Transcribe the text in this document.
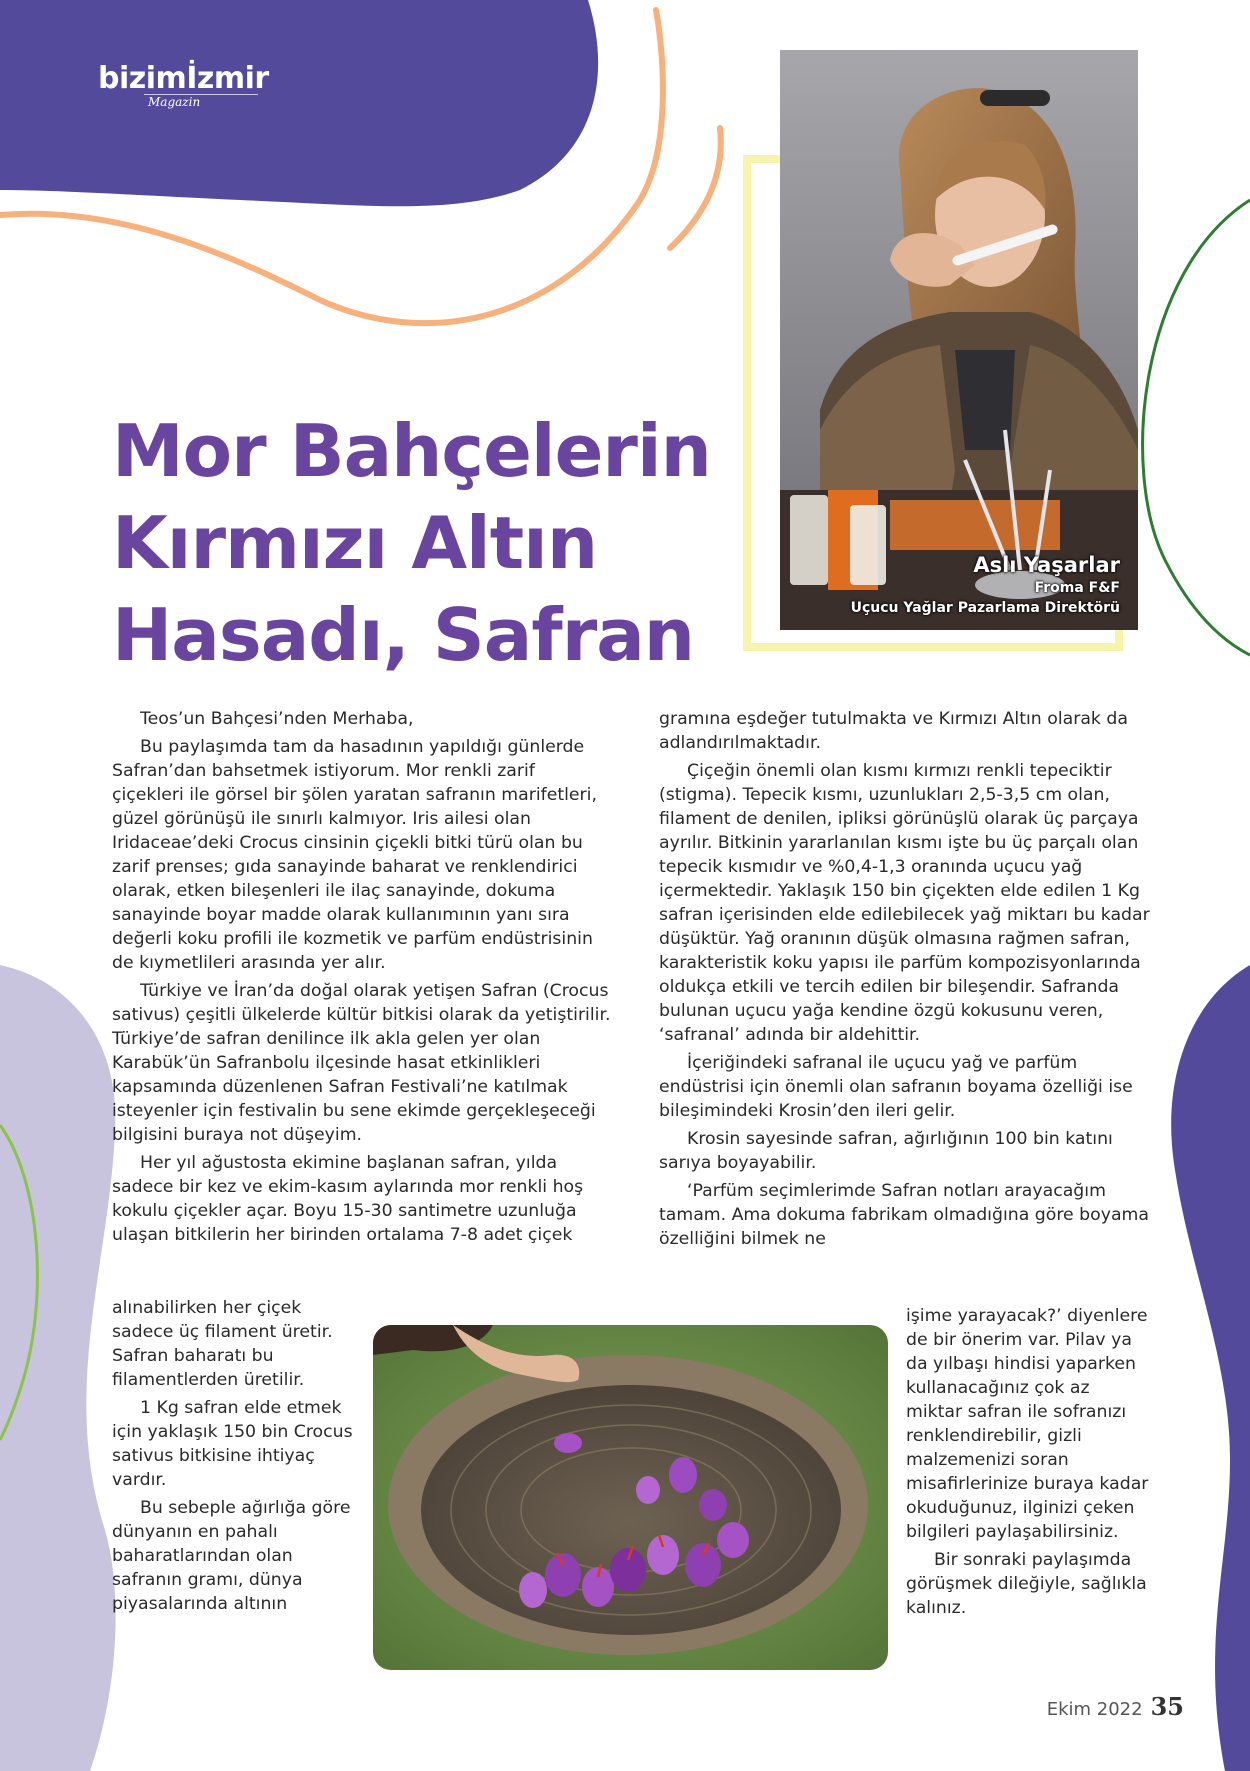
bizimİzmir
Magazin
Mor Bahçelerin
Kırmızı Altın
Hasadı, Safran
Aslı Yaşarlar
Froma F&F
Uçucu Yağlar Pazarlama Direktörü

Teos’un Bahçesi’nden Merhaba,

Bu paylaşımda tam da hasadının yapıldığı günlerde Safran’dan bahsetmek istiyorum. Mor renkli zarif çiçekleri ile görsel bir şölen yaratan safranın marifetleri, güzel görünüşü ile sınırlı kalmıyor. Iris ailesi olan Iridaceae’deki Crocus cinsinin çiçekli bitki türü olan bu zarif prenses; gıda sanayinde baharat ve renklendirici olarak, etken bileşenleri ile ilaç sanayinde, dokuma sanayinde boyar madde olarak kullanımının yanı sıra değerli koku profili ile kozmetik ve parfüm endüstrisinin de kıymetlileri arasında yer alır.

Türkiye ve İran’da doğal olarak yetişen Safran (Crocus sativus) çeşitli ülkelerde kültür bitkisi olarak da yetiştirilir. Türkiye’de safran denilince ilk akla gelen yer olan Karabük’ün Safranbolu ilçesinde hasat etkinlikleri kapsamında düzenlenen Safran Festivali’ne katılmak isteyenler için festivalin bu sene ekimde gerçekleşeceği bilgisini buraya not düşeyim.

Her yıl ağustosta ekimine başlanan safran, yılda sadece bir kez ve ekim-kasım aylarında mor renkli hoş kokulu çiçekler açar. Boyu 15-30 santimetre uzunluğa ulaşan bitkilerin her birinden ortalama 7-8 adet çiçek

alınabilirken her çiçek sadece üç filament üretir. Safran baharatı bu filamentlerden üretilir.

1 Kg safran elde etmek için yaklaşık 150 bin Crocus sativus bitkisine ihtiyaç vardır.

Bu sebeple ağırlığa göre dünyanın en pahalı baharatlarından olan safranın gramı, dünya piyasalarında altının

gramına eşdeğer tutulmakta ve Kırmızı Altın olarak da adlandırılmaktadır.

Çiçeğin önemli olan kısmı kırmızı renkli tepeciktir (stigma). Tepecik kısmı, uzunlukları 2,5-3,5 cm olan, filament de denilen, ipliksi görünüşlü olarak üç parçaya ayrılır. Bitkinin yararlanılan kısmı işte bu üç parçalı olan tepecik kısmıdır ve %0,4-1,3 oranında uçucu yağ içermektedir. Yaklaşık 150 bin çiçekten elde edilen 1 Kg safran içerisinden elde edilebilecek yağ miktarı bu kadar düşüktür. Yağ oranının düşük olmasına rağmen safran, karakteristik koku yapısı ile parfüm kompozisyonlarında oldukça etkili ve tercih edilen bir bileşendir. Safranda bulunan uçucu yağa kendine özgü kokusunu veren, ‘safranal’ adında bir aldehittir.

İçeriğindeki safranal ile uçucu yağ ve parfüm endüstrisi için önemli olan safranın boyama özelliği ise bileşimindeki Krosin’den ileri gelir.

Krosin sayesinde safran, ağırlığının 100 bin katını sarıya boyayabilir.

‘Parfüm seçimlerimde Safran notları arayacağım tamam. Ama dokuma fabrikam olmadığına göre boyama özelliğini bilmek ne

işime yarayacak?’ diyenlere de bir önerim var. Pilav ya da yılbaşı hindisi yaparken kullanacağınız çok az miktar safran ile sofranızı renklendirebilir, gizli malzemenizi soran misafirlerinize buraya kadar okuduğunuz, ilginizi çeken bilgileri paylaşabilirsiniz.

Bir sonraki paylaşımda görüşmek dileğiyle, sağlıkla kalınız.

Ekim 2022 35
